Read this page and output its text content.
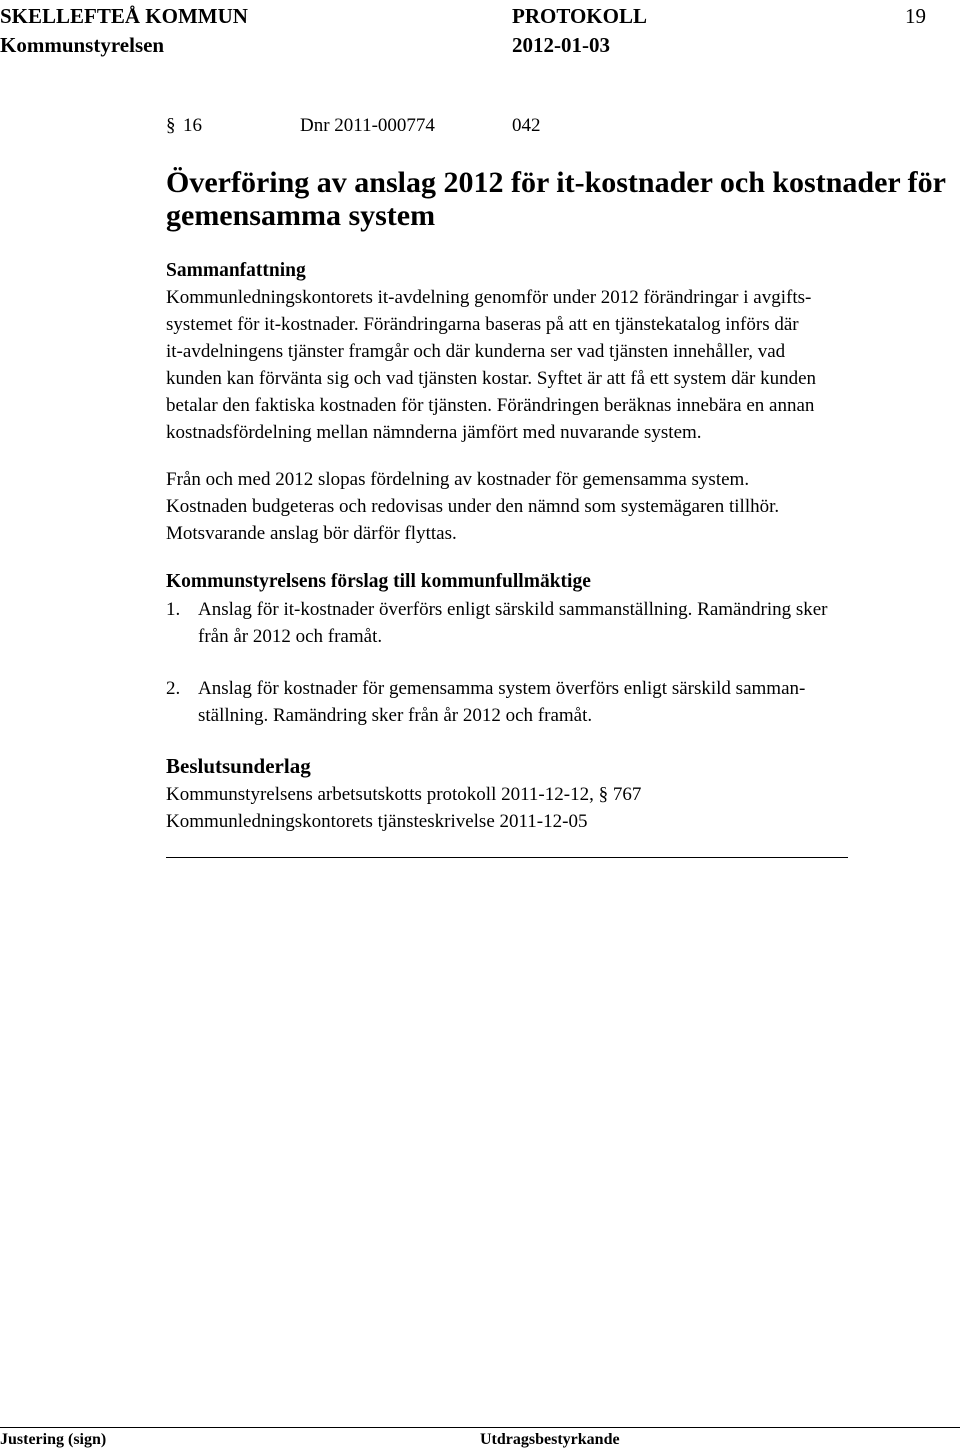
SKELLEFTEÅ KOMMUN	PROTOKOLL	19
Kommunstyrelsen	2012-01-03
§ 16	Dnr 2011-000774	042
Överföring av anslag 2012 för it-kostnader och kostnader för
gemensamma system
Sammanfattning
Kommunledningskontorets it-avdelning genomför under 2012 förändringar i avgifts-
systemet för it-kostnader. Förändringarna baseras på att en tjänstekatalog införs där
it-avdelningens tjänster framgår och där kunderna ser vad tjänsten innehåller, vad
kunden kan förvänta sig och vad tjänsten kostar. Syftet är att få ett system där kunden
betalar den faktiska kostnaden för tjänsten. Förändringen beräknas innebära en annan
kostnadsfördelning mellan nämnderna jämfört med nuvarande system.
Från och med 2012 slopas fördelning av kostnader för gemensamma system.
Kostnaden budgeteras och redovisas under den nämnd som systemägaren tillhör.
Motsvarande anslag bör därför flyttas.
Kommunstyrelsens förslag till kommunfullmäktige
1. Anslag för it-kostnader överförs enligt särskild sammanställning. Ramändring sker
från år 2012 och framåt.
2. Anslag för kostnader för gemensamma system överförs enligt särskild samman-
ställning. Ramändring sker från år 2012 och framåt.
Beslutsunderlag
Kommunstyrelsens arbetsutskotts protokoll 2011-12-12, § 767
Kommunledningskontorets tjänsteskrivelse 2011-12-05
Justering (sign)	Utdragsbestyrkande
